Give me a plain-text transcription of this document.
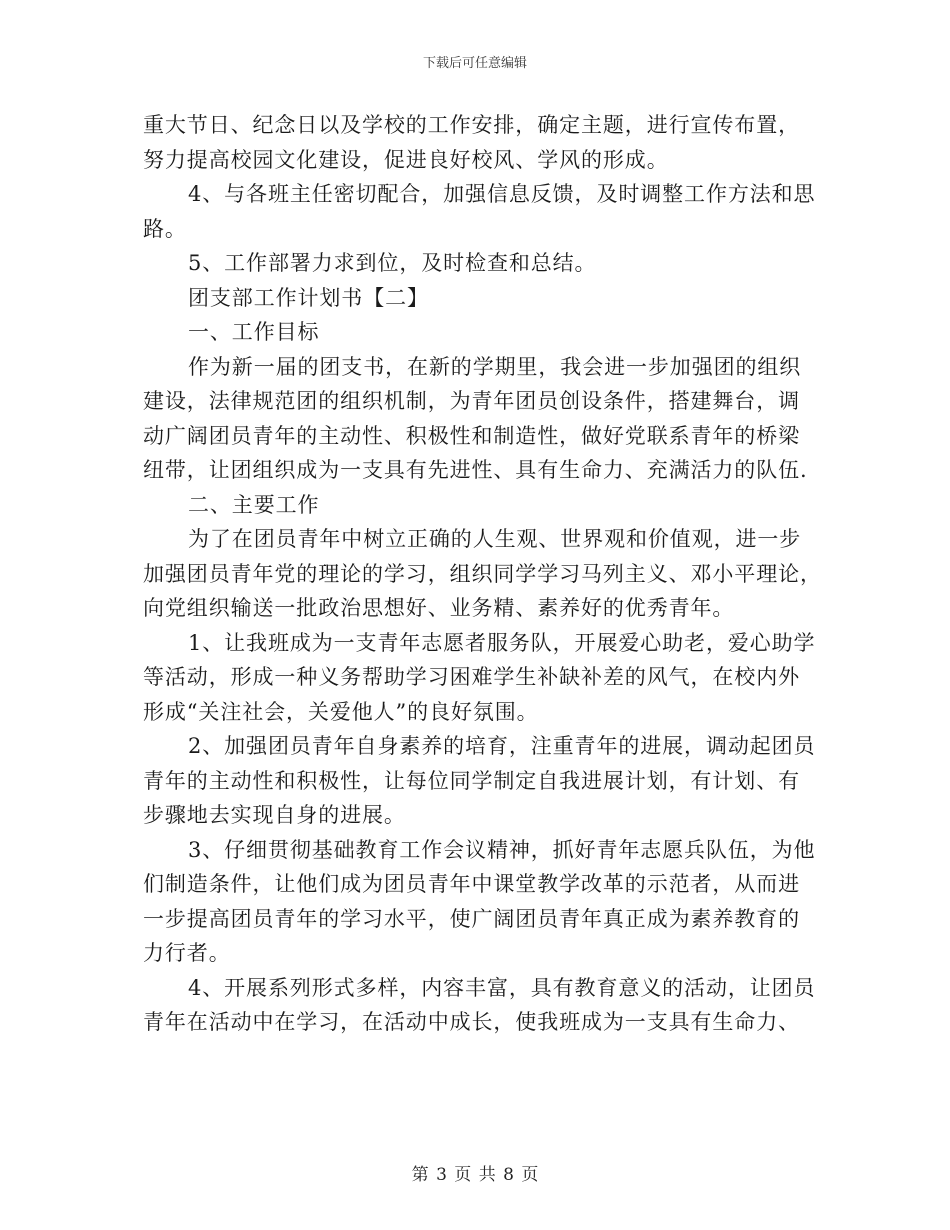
下载后可任意编辑
重大节日、纪念日以及学校的工作安排，确定主题，进行宣传布置，
努力提高校园文化建设，促进良好校风、学风的形成。
4、与各班主任密切配合，加强信息反馈，及时调整工作方法和思
路。
5、工作部署力求到位，及时检查和总结。
团支部工作计划书【二】
一、工作目标
作为新一届的团支书，在新的学期里，我会进一步加强团的组织
建设，法律规范团的组织机制，为青年团员创设条件，搭建舞台，调
动广阔团员青年的主动性、积极性和制造性，做好党联系青年的桥梁
纽带，让团组织成为一支具有先进性、具有生命力、充满活力的队伍.
二、主要工作
为了在团员青年中树立正确的人生观、世界观和价值观，进一步
加强团员青年党的理论的学习，组织同学学习马列主义、邓小平理论，
向党组织输送一批政治思想好、业务精、素养好的优秀青年。
1、让我班成为一支青年志愿者服务队，开展爱心助老，爱心助学
等活动，形成一种义务帮助学习困难学生补缺补差的风气，在校内外
形成“关注社会，关爱他人”的良好氛围。
2、加强团员青年自身素养的培育，注重青年的进展，调动起团员
青年的主动性和积极性，让每位同学制定自我进展计划，有计划、有
步骤地去实现自身的进展。
3、仔细贯彻基础教育工作会议精神，抓好青年志愿兵队伍，为他
们制造条件，让他们成为团员青年中课堂教学改革的示范者，从而进
一步提高团员青年的学习水平，使广阔团员青年真正成为素养教育的
力行者。
4、开展系列形式多样，内容丰富，具有教育意义的活动，让团员
青年在活动中在学习，在活动中成长，使我班成为一支具有生命力、
第 3 页 共 8 页
